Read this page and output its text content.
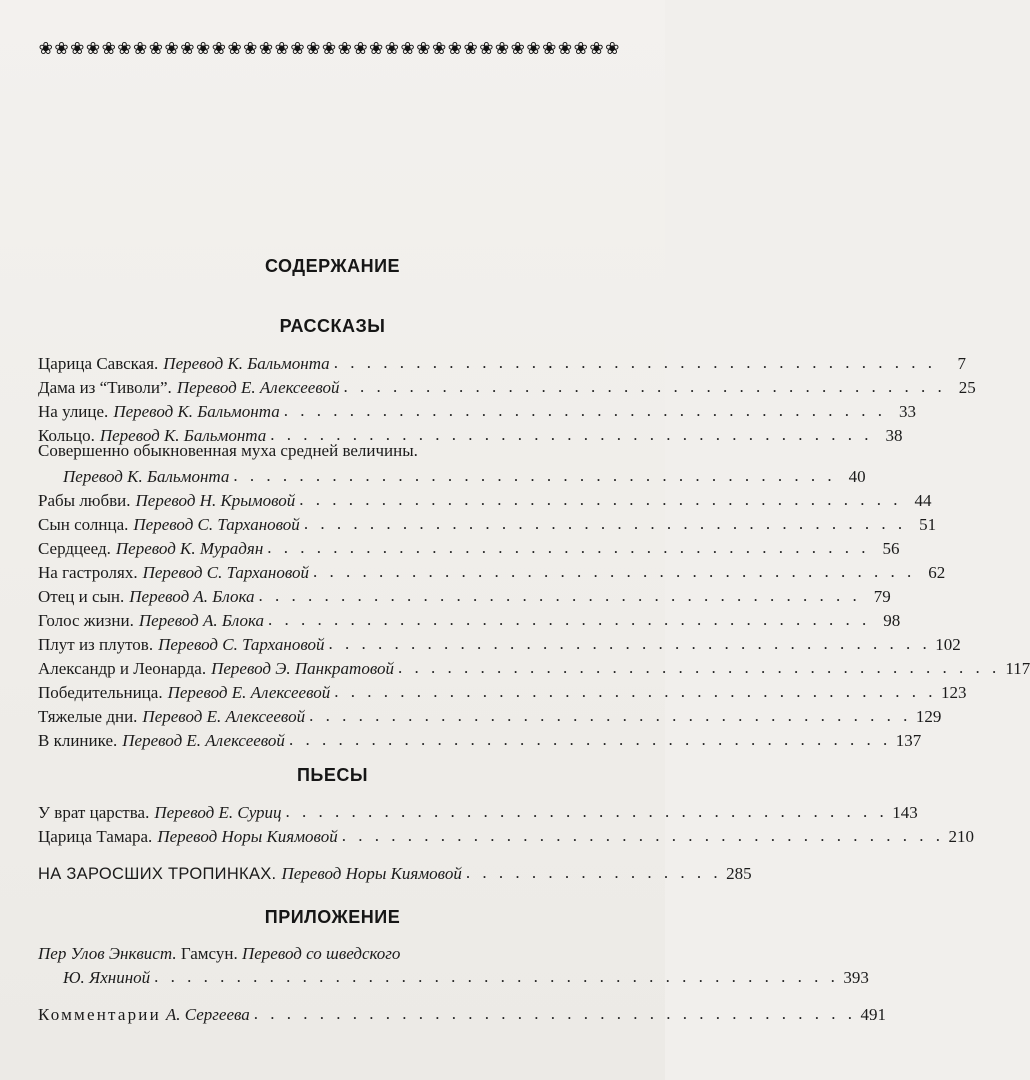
❀ ❀ ❀ ❀ ❀ ❀ ❀ ❀ ❀ ❀ ❀ ❀ ❀ ❀ ❀ ❀ ❀ ❀ ❀ ❀ ❀ ❀ ❀ ❀ ❀ ❀ ❀ ❀ ❀ ❀ ❀ ❀ ❀ ❀ ❀ ❀ ❀
СОДЕРЖАНИЕ
РАССКАЗЫ
Царица Савская. Перевод К. Бальмонта . . . . . . . . . . . . . . . . . . . . . . . . . . . . . . . . . . . . .	7
Дама из “Тиволи”. Перевод Е. Алексеевой . . . . . . . . . . . . . . . . . . . . . . . . . . . . . . . . . . . . . 25
На улице. Перевод К. Бальмонта . . . . . . . . . . . . . . . . . . . . . . . . . . . . . . . . . . . . . 33
Кольцо. Перевод К. Бальмонта . . . . . . . . . . . . . . . . . . . . . . . . . . . . . . . . . . . . . 38
Совершенно обыкновенная муха средней величины.
Перевод К. Бальмонта . . . . . . . . . . . . . . . . . . . . . . . . . . . . . . . . . . . . . 40
Рабы любви. Перевод Н. Крымовой . . . . . . . . . . . . . . . . . . . . . . . . . . . . . . . . . . . . . 44
Сын солнца. Перевод С. Тархановой . . . . . . . . . . . . . . . . . . . . . . . . . . . . . . . . . . . . . 51
Сердцеед. Перевод К. Мурадян . . . . . . . . . . . . . . . . . . . . . . . . . . . . . . . . . . . . . 56
На гастролях. Перевод С. Тархановой . . . . . . . . . . . . . . . . . . . . . . . . . . . . . . . . . . . . . 62
Отец и сын. Перевод А. Блока . . . . . . . . . . . . . . . . . . . . . . . . . . . . . . . . . . . . . 79
Голос жизни. Перевод А. Блока . . . . . . . . . . . . . . . . . . . . . . . . . . . . . . . . . . . . . 98
Плут из плутов. Перевод С. Тархановой . . . . . . . . . . . . . . . . . . . . . . . . . . . . . . . . . . . . . 102
Александр и Леонарда. Перевод Э. Панкратовой . . . . . . . . . . . . . . . . . . . . . . . . . . . . . . . . . . . . . 117
Победительница. Перевод Е. Алексеевой . . . . . . . . . . . . . . . . . . . . . . . . . . . . . . . . . . . . . 123
Тяжелые дни. Перевод Е. Алексеевой . . . . . . . . . . . . . . . . . . . . . . . . . . . . . . . . . . . . . 129
В клинике. Перевод Е. Алексеевой . . . . . . . . . . . . . . . . . . . . . . . . . . . . . . . . . . . . . 137
ПЬЕСЫ
У врат царства. Перевод Е. Суриц . . . . . . . . . . . . . . . . . . . . . . . . . . . . . . . . . . . . . 143
Царица Тамара. Перевод Норы Киямовой . . . . . . . . . . . . . . . . . . . . . . . . . . . . . . . . . . . . . 210
НА ЗАРОСШИХ ТРОПИНКАХ. Перевод Норы Киямовой . . . . . . . . . . . . . . . . 285
ПРИЛОЖЕНИЕ
Пер Улов Энквист. Гамсун. Перевод со шведского
Ю. Яхниной . . . . . . . . . . . . . . . . . . . . . . . . . . . . . . . . . . . . . . . . . . 393
Комментарии А. Сергеева . . . . . . . . . . . . . . . . . . . . . . . . . . . . . . . . . . . . . 491
